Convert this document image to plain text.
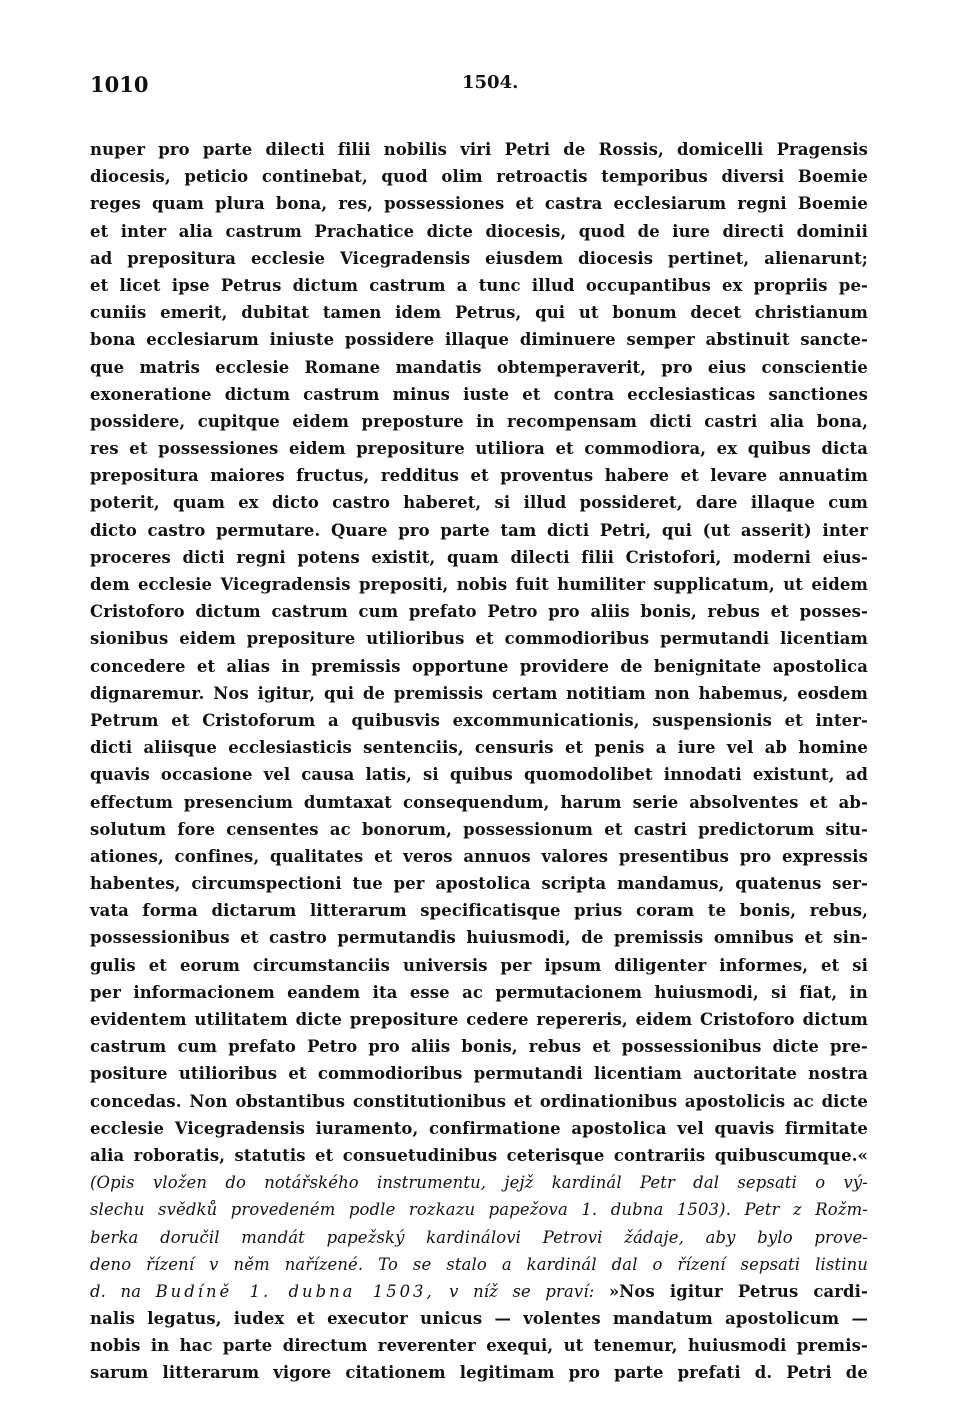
1010	1504.
nuper pro parte dilecti filii nobilis viri Petri de Rossis, domicelli Pragensis
diocesis, peticio continebat, quod olim retroactis temporibus diversi Boemie
reges quam plura bona, res, possessiones et castra ecclesiarum regni Boemie
et inter alia castrum Prachatice dicte diocesis, quod de iure directi dominii
ad prepositura ecclesie Vicegradensis eiusdem diocesis pertinet, alienarunt;
et licet ipse Petrus dictum castrum a tunc illud occupantibus ex propriis pe-
cuniis emerit, dubitat tamen idem Petrus, qui ut bonum decet christianum
bona ecclesiarum iniuste possidere illaque diminuere semper abstinuit sancte-
que matris ecclesie Romane mandatis obtemperaverit, pro eius conscientie
exoneratione dictum castrum minus iuste et contra ecclesiasticas sanctiones
possidere, cupitque eidem preposture in recompensam dicti castri alia bona,
res et possessiones eidem prepositure utiliora et commodiora, ex quibus dicta
prepositura maiores fructus, redditus et proventus habere et levare annuatim
poterit, quam ex dicto castro haberet, si illud possideret, dare illaque cum
dicto castro permutare. Quare pro parte tam dicti Petri, qui (ut asserit) inter
proceres dicti regni potens existit, quam dilecti filii Cristofori, moderni eius-
dem ecclesie Vicegradensis prepositi, nobis fuit humiliter supplicatum, ut eidem
Cristoforo dictum castrum cum prefato Petro pro aliis bonis, rebus et posses-
sionibus eidem prepositure utilioribus et commodioribus permutandi licentiam
concedere et alias in premissis opportune providere de benignitate apostolica
dignaremur. Nos igitur, qui de premissis certam notitiam non habemus, eosdem
Petrum et Cristoforum a quibusvis excommunicationis, suspensionis et inter-
dicti aliisque ecclesiasticis sentenciis, censuris et penis a iure vel ab homine
quavis occasione vel causa latis, si quibus quomodolibet innodati existunt, ad
effectum presencium dumtaxat consequendum, harum serie absolventes et ab-
solutum fore censentes ac bonorum, possessionum et castri predictorum situ-
ationes, confines, qualitates et veros annuos valores presentibus pro expressis
habentes, circumspectioni tue per apostolica scripta mandamus, quatenus ser-
vata forma dictarum litterarum specificatisque prius coram te bonis, rebus,
possessionibus et castro permutandis huiusmodi, de premissis omnibus et sin-
gulis et eorum circumstanciis universis per ipsum diligenter informes, et si
per informacionem eandem ita esse ac permutacionem huiusmodi, si fiat, in
evidentem utilitatem dicte prepositure cedere repereris, eidem Cristoforo dictum
castrum cum prefato Petro pro aliis bonis, rebus et possessionibus dicte pre-
positure utilioribus et commodioribus permutandi licentiam auctoritate nostra
concedas. Non obstantibus constitutionibus et ordinationibus apostolicis ac dicte
ecclesie Vicegradensis iuramento, confirmatione apostolica vel quavis firmitate
alia roboratis, statutis et consuetudinibus ceterisque contrariis quibuscumque.«
(Opis vložen do notářského instrumentu, jejž kardinál Petr dal sepsati o vý-
slechu svědků provedeném podle rozkazu papežova 1. dubna 1503). Petr z Rožm-
berka doručil mandát papežský kardinálovi Petrovi žádaje, aby bylo prove-
deno řízení v něm nařízené. To se stalo a kardinál dal o řízení sepsati listinu
d. na Budíně 1. dubna 1503, v níž se praví: »Nos igitur Petrus cardi-
nalis legatus, iudex et executor unicus — volentes mandatum apostolicum —
nobis in hac parte directum reverenter exequi, ut tenemur, huiusmodi premis-
sarum litterarum vigore citationem legitimam pro parte prefati d. Petri de
